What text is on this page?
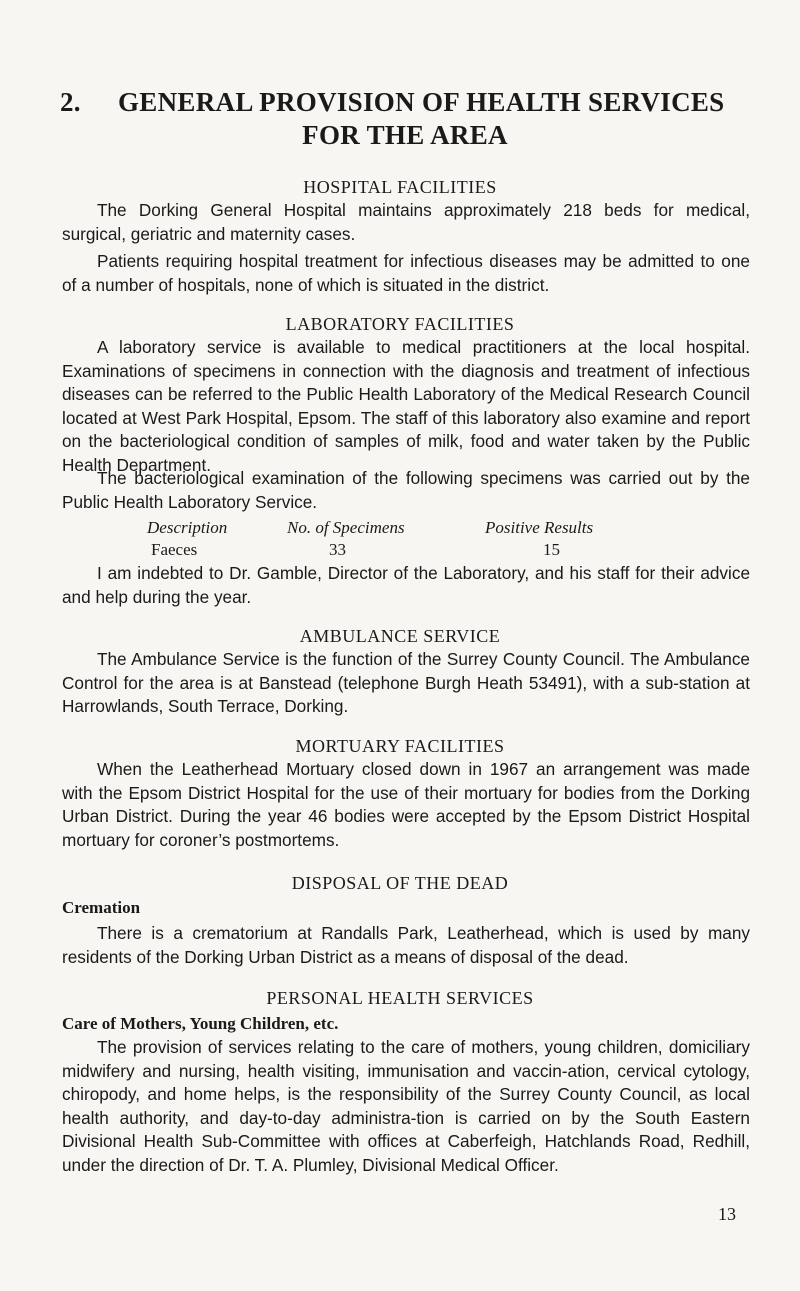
2. GENERAL PROVISION OF HEALTH SERVICES
FOR THE AREA
HOSPITAL FACILITIES
The Dorking General Hospital maintains approximately 218 beds for medical, surgical, geriatric and maternity cases.
Patients requiring hospital treatment for infectious diseases may be admitted to one of a number of hospitals, none of which is situated in the district.
LABORATORY FACILITIES
A laboratory service is available to medical practitioners at the local hospital. Examinations of specimens in connection with the diagnosis and treatment of infectious diseases can be referred to the Public Health Laboratory of the Medical Research Council located at West Park Hospital, Epsom. The staff of this laboratory also examine and report on the bacteriological condition of samples of milk, food and water taken by the Public Health Department.
The bacteriological examination of the following specimens was carried out by the Public Health Laboratory Service.
Description	No. of Specimens	Positive Results
Faeces	33	15
I am indebted to Dr. Gamble, Director of the Laboratory, and his staff for their advice and help during the year.
AMBULANCE SERVICE
The Ambulance Service is the function of the Surrey County Council. The Ambulance Control for the area is at Banstead (telephone Burgh Heath 53491), with a sub-station at Harrowlands, South Terrace, Dorking.
MORTUARY FACILITIES
When the Leatherhead Mortuary closed down in 1967 an arrangement was made with the Epsom District Hospital for the use of their mortuary for bodies from the Dorking Urban District. During the year 46 bodies were accepted by the Epsom District Hospital mortuary for coroner’s postmortems.
DISPOSAL OF THE DEAD
Cremation
There is a crematorium at Randalls Park, Leatherhead, which is used by many residents of the Dorking Urban District as a means of disposal of the dead.
PERSONAL HEALTH SERVICES
Care of Mothers, Young Children, etc.
The provision of services relating to the care of mothers, young children, domiciliary midwifery and nursing, health visiting, immunisation and vaccin-ation, cervical cytology, chiropody, and home helps, is the responsibility of the Surrey County Council, as local health authority, and day-to-day administra-tion is carried on by the South Eastern Divisional Health Sub-Committee with offices at Caberfeigh, Hatchlands Road, Redhill, under the direction of Dr. T. A. Plumley, Divisional Medical Officer.
13
